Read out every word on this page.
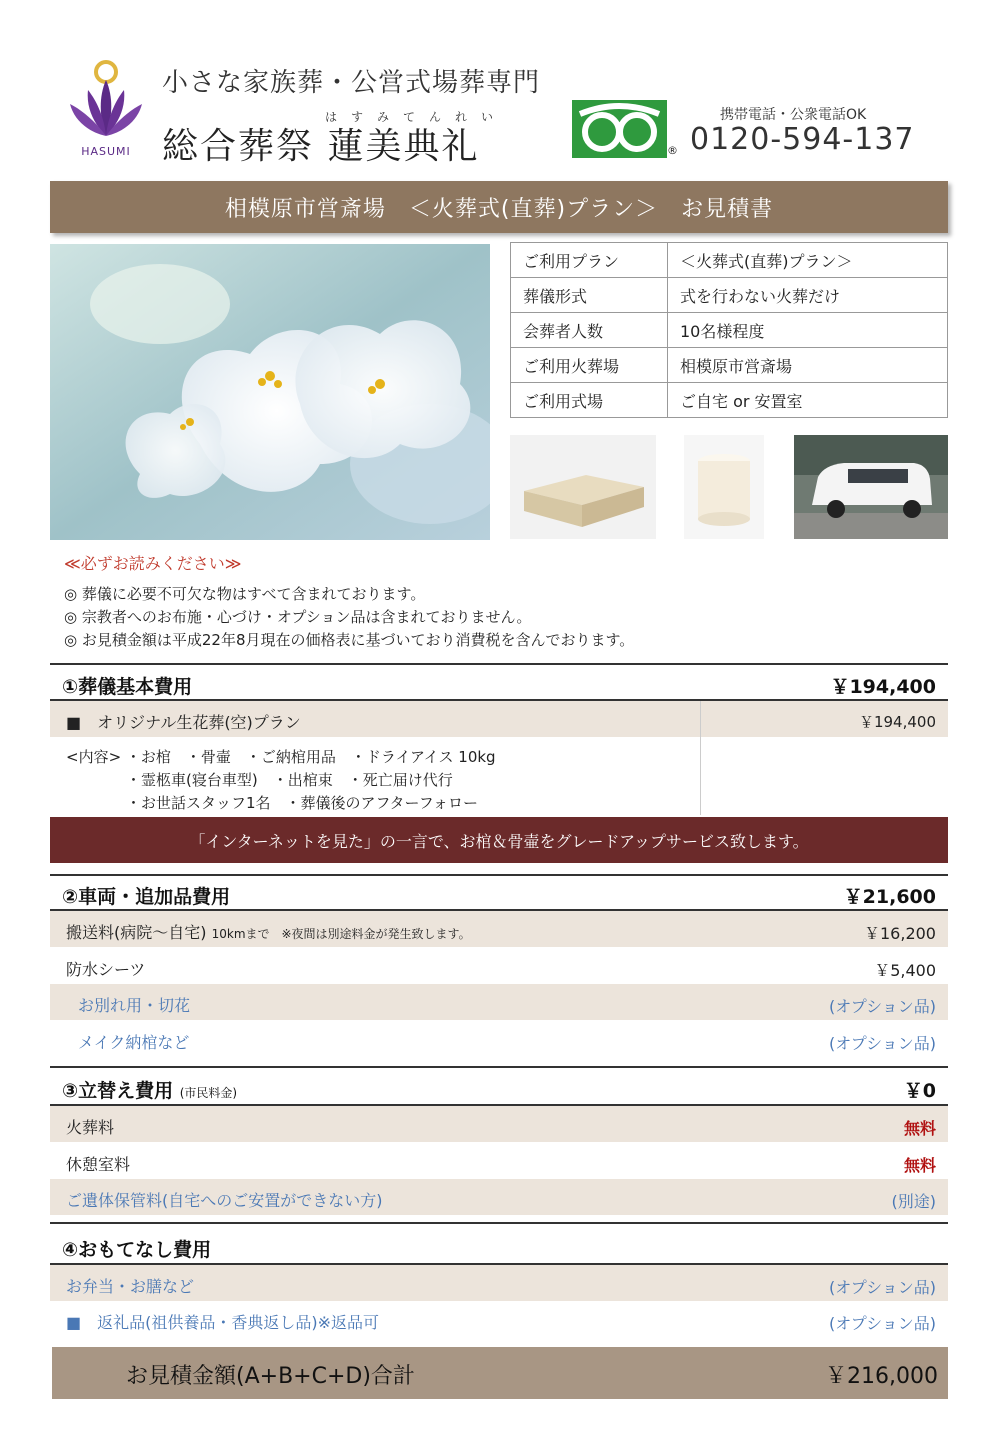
HASUMI
小さな家族葬・公営式場葬専門
はすみてんれい
総合葬祭 蓮美典礼	®
携帯電話・公衆電話OK
0120-594-137
相模原市営斎場　＜火葬式(直葬)プラン＞　お見積書
ご利用プラン	＜火葬式(直葬)プラン＞
葬儀形式	式を行わない火葬だけ
会葬者人数	10名様程度
ご利用火葬場	相模原市営斎場
ご利用式場	ご自宅 or 安置室
≪必ずお読みください≫
◎ 葬儀に必要不可欠な物はすべて含まれております。
◎ 宗教者へのお布施・心づけ・オプション品は含まれておりません。
◎ お見積金額は平成22年8月現在の価格表に基づいており消費税を含んでおります。
①葬儀基本費用	￥194,400
■　オリジナル生花葬(空)プラン	￥194,400
<内容> ・お棺　・骨壷　・ご納棺用品　・ドライアイス 10kg
　　　　・霊柩車(寝台車型)　・出棺束　・死亡届け代行
　　　　・お世話スタッフ1名　・葬儀後のアフターフォロー
「インターネットを見た」の一言で、お棺＆骨壷をグレードアップサービス致します。
②車両・追加品費用	￥21,600
搬送料(病院～自宅) 10kmまで　※夜間は別途料金が発生致します。	￥16,200
防水シーツ	￥5,400
お別れ用・切花	(オプション品)
メイク納棺など	(オプション品)
③立替え費用 (市民料金)	￥0
火葬料	無料
休憩室料	無料
ご遺体保管料(自宅へのご安置ができない方)	(別途)
④おもてなし費用
お弁当・お膳など	(オプション品)
■　返礼品(祖供養品・香典返し品)※返品可	(オプション品)
お見積金額(A+B+C+D)合計	￥216,000
